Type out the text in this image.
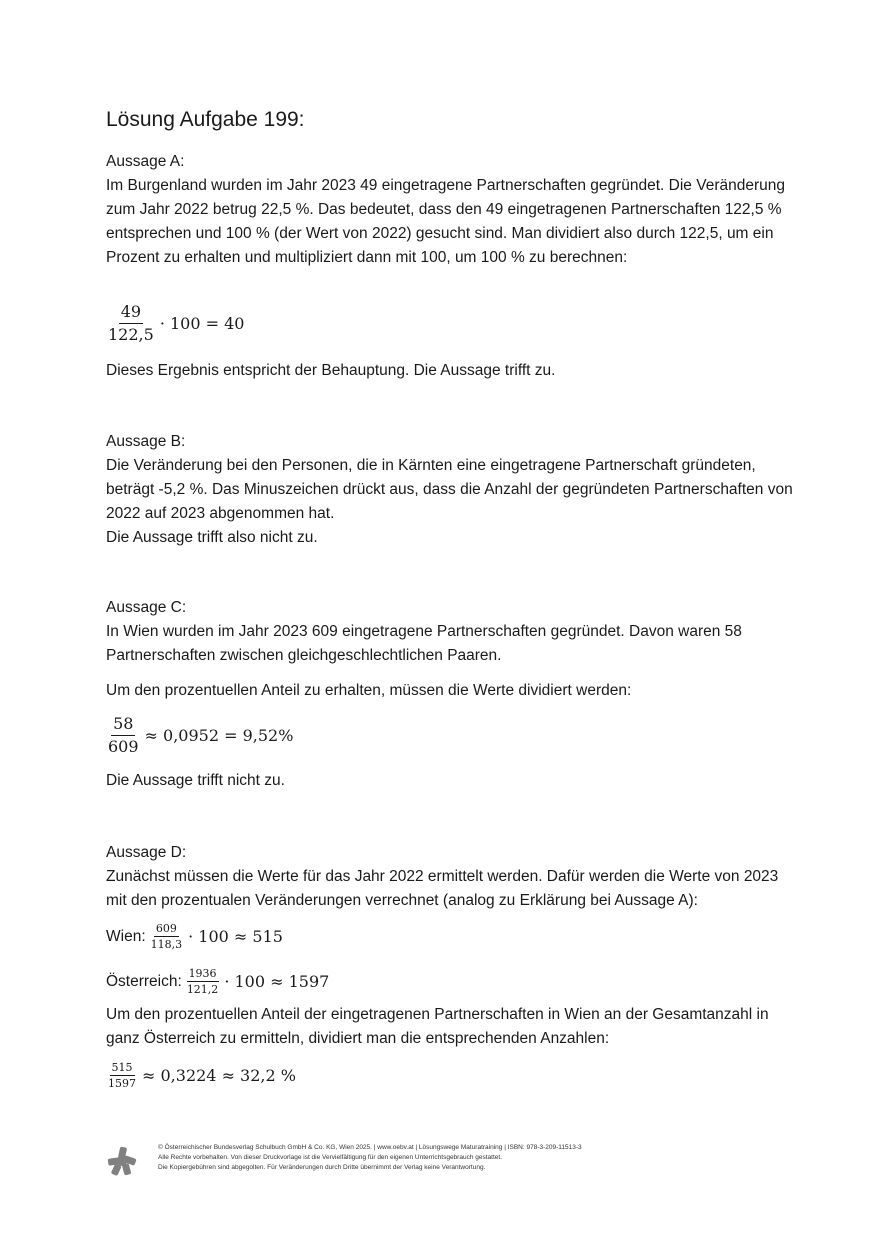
Lösung Aufgabe 199:
Aussage A:
Im Burgenland wurden im Jahr 2023 49 eingetragene Partnerschaften gegründet. Die Veränderung zum Jahr 2022 betrug 22,5 %. Das bedeutet, dass den 49 eingetragenen Partnerschaften 122,5 % entsprechen und 100 % (der Wert von 2022) gesucht sind. Man dividiert also durch 122,5, um ein Prozent zu erhalten und multipliziert dann mit 100, um 100 % zu berechnen:
$\frac{49}{122,5} \cdot 100 = 40$
Dieses Ergebnis entspricht der Behauptung. Die Aussage trifft zu.
Aussage B:
Die Veränderung bei den Personen, die in Kärnten eine eingetragene Partnerschaft gründeten, beträgt -5,2 %. Das Minuszeichen drückt aus, dass die Anzahl der gegründeten Partnerschaften von 2022 auf 2023 abgenommen hat.
Die Aussage trifft also nicht zu.
Aussage C:
In Wien wurden im Jahr 2023 609 eingetragene Partnerschaften gegründet. Davon waren 58 Partnerschaften zwischen gleichgeschlechtlichen Paaren.
Um den prozentuellen Anteil zu erhalten, müssen die Werte dividiert werden:
$\frac{58}{609} \approx 0,0952 = 9,52\%$
Die Aussage trifft nicht zu.
Aussage D:
Zunächst müssen die Werte für das Jahr 2022 ermittelt werden. Dafür werden die Werte von 2023 mit den prozentualen Veränderungen verrechnet (analog zu Erklärung bei Aussage A):
Wien: $\frac{609}{118,3} \cdot 100 \approx 515$
Österreich: $\frac{1936}{121,2} \cdot 100 \approx 1597$
Um den prozentuellen Anteil der eingetragenen Partnerschaften in Wien an der Gesamtanzahl in ganz Österreich zu ermitteln, dividiert man die entsprechenden Anzahlen:
$\frac{515}{1597} \approx 0,3224 \approx 32,2$ %
© Österreichischer Bundesverlag Schulbuch GmbH & Co. KG, Wien 2025. | www.oebv.at | Lösungswege Maturatraining | ISBN: 978-3-209-11513-3
Alle Rechte vorbehalten. Von dieser Druckvorlage ist die Vervielfältigung für den eigenen Unterrichtsgebrauch gestattet.
Die Kopiergebühren sind abgegolten. Für Veränderungen durch Dritte übernimmt der Verlag keine Verantwortung.
